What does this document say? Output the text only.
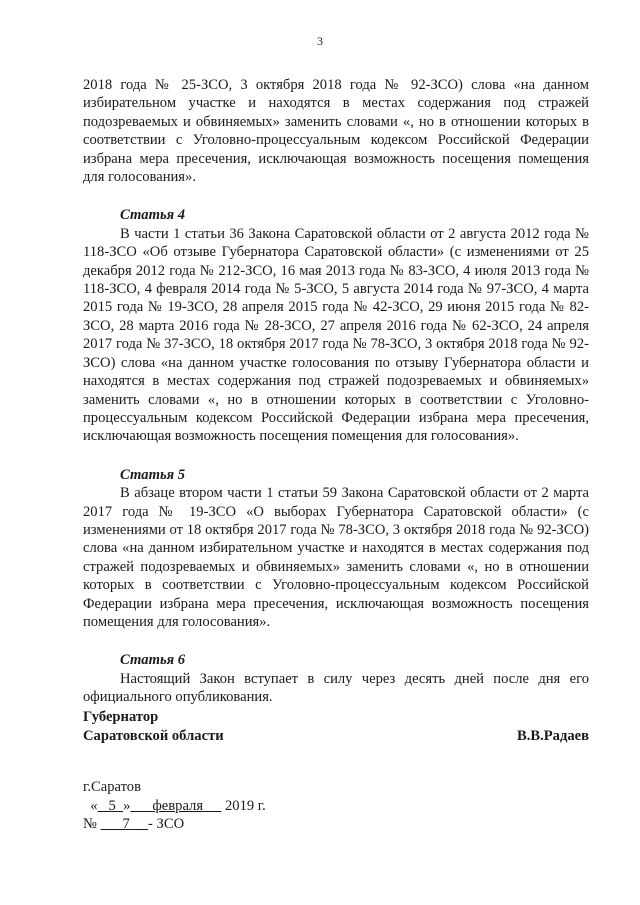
3

2018 года № 25-ЗСО, 3 октября 2018 года № 92-ЗСО) слова «на данном избирательном участке и находятся в местах содержания под стражей подозреваемых и обвиняемых» заменить словами «, но в отношении которых в соответствии с Уголовно-процессуальным кодексом Российской Федерации избрана мера пресечения, исключающая возможность посещения помещения для голосования».

Статья 4

В части 1 статьи 36 Закона Саратовской области от 2 августа 2012 года № 118-ЗСО «Об отзыве Губернатора Саратовской области» (с изменениями от 25 декабря 2012 года № 212-ЗСО, 16 мая 2013 года № 83-ЗСО, 4 июля 2013 года № 118-ЗСО, 4 февраля 2014 года № 5-ЗСО, 5 августа 2014 года № 97-ЗСО, 4 марта 2015 года № 19-ЗСО, 28 апреля 2015 года № 42-ЗСО, 29 июня 2015 года № 82-ЗСО, 28 марта 2016 года № 28-ЗСО, 27 апреля 2016 года № 62-ЗСО, 24 апреля 2017 года № 37-ЗСО, 18 октября 2017 года № 78-ЗСО, 3 октября 2018 года № 92-ЗСО) слова «на данном участке голосования по отзыву Губернатора области и находятся в местах содержания под стражей подозреваемых и обвиняемых» заменить словами «, но в отношении которых в соответствии с Уголовно-процессуальным кодексом Российской Федерации избрана мера пресечения, исключающая возможность посещения помещения для голосования».

Статья 5

В абзаце втором части 1 статьи 59 Закона Саратовской области от 2 марта 2017 года № 19-ЗСО «О выборах Губернатора Саратовской области» (с изменениями от 18 октября 2017 года № 78-ЗСО, 3 октября 2018 года № 92-ЗСО) слова «на данном избирательном участке и находятся в местах содержания под стражей подозреваемых и обвиняемых» заменить словами «, но в отношении которых в соответствии с Уголовно-процессуальным кодексом Российской Федерации избрана мера пресечения, исключающая возможность посещения помещения для голосования».

Статья 6

Настоящий Закон вступает в силу через десять дней после дня его официального опубликования.

Губернатор
Саратовской области	В.В.Радаев
г.Саратов
« 5 » февраля 2019 г.
№ 7 - ЗСО
